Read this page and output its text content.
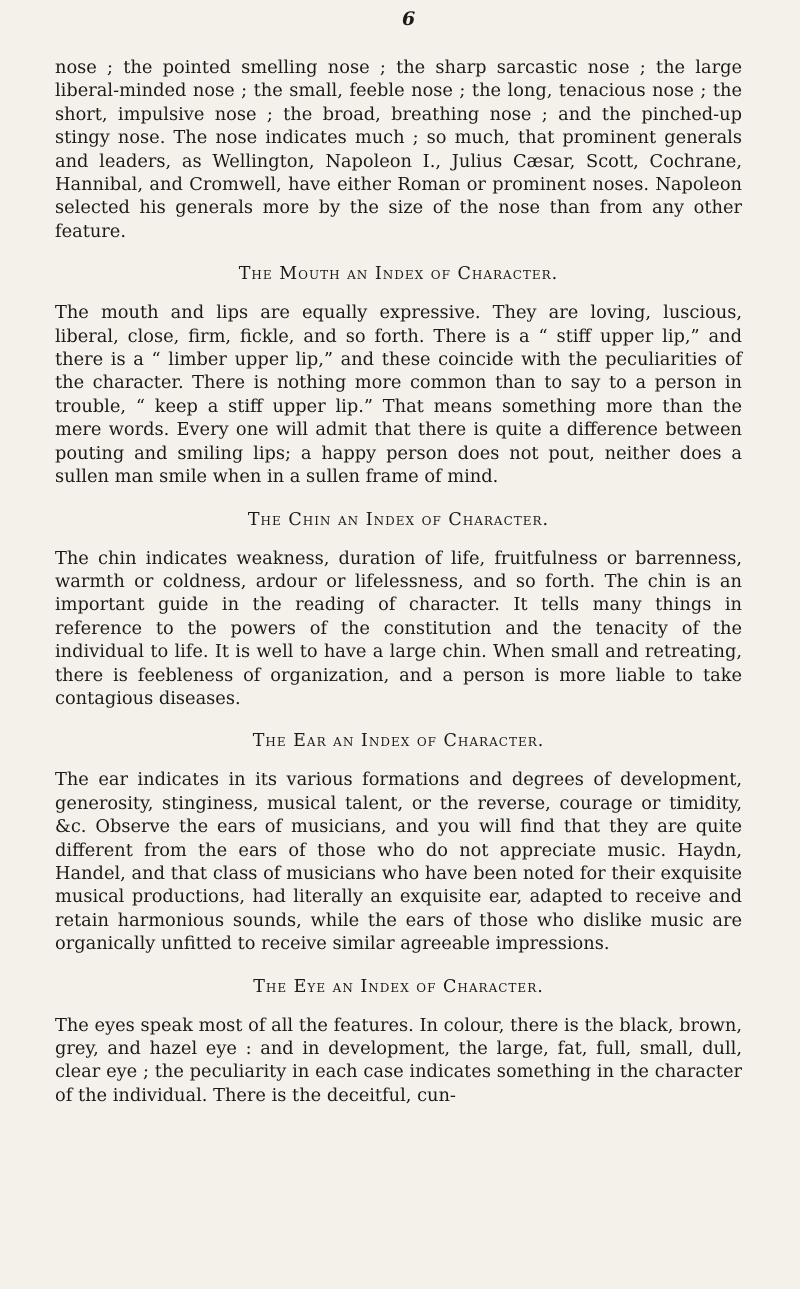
6

nose ; the pointed smelling nose ; the sharp sarcastic nose ; the large liberal-minded nose ; the small, feeble nose ; the long, tenacious nose ; the short, impulsive nose ; the broad, breathing nose ; and the pinched-up stingy nose. The nose indicates much ; so much, that prominent generals and leaders, as Wellington, Napoleon I., Julius Cæsar, Scott, Cochrane, Hannibal, and Cromwell, have either Roman or prominent noses. Napoleon selected his generals more by the size of the nose than from any other feature.

The Mouth an Index of Character.

The mouth and lips are equally expressive. They are loving, luscious, liberal, close, firm, fickle, and so forth. There is a “ stiff upper lip,” and there is a “ limber upper lip,” and these coincide with the peculiarities of the character. There is nothing more common than to say to a person in trouble, “ keep a stiff upper lip.” That means something more than the mere words. Every one will admit that there is quite a difference between pouting and smiling lips; a happy person does not pout, neither does a sullen man smile when in a sullen frame of mind.

The Chin an Index of Character.

The chin indicates weakness, duration of life, fruitfulness or barrenness, warmth or coldness, ardour or lifelessness, and so forth. The chin is an important guide in the reading of character. It tells many things in reference to the powers of the constitution and the tenacity of the individual to life. It is well to have a large chin. When small and retreating, there is feebleness of organization, and a person is more liable to take contagious diseases.

The Ear an Index of Character.

The ear indicates in its various formations and degrees of development, generosity, stinginess, musical talent, or the reverse, courage or timidity, &c. Observe the ears of musicians, and you will find that they are quite different from the ears of those who do not appreciate music. Haydn, Handel, and that class of musicians who have been noted for their exquisite musical productions, had literally an exquisite ear, adapted to receive and retain harmonious sounds, while the ears of those who dislike music are organically unfitted to receive similar agreeable impressions.

The Eye an Index of Character.

The eyes speak most of all the features. In colour, there is the black, brown, grey, and hazel eye : and in development, the large, fat, full, small, dull, clear eye ; the peculiarity in each case indicates something in the character of the individual. There is the deceitful, cun-
